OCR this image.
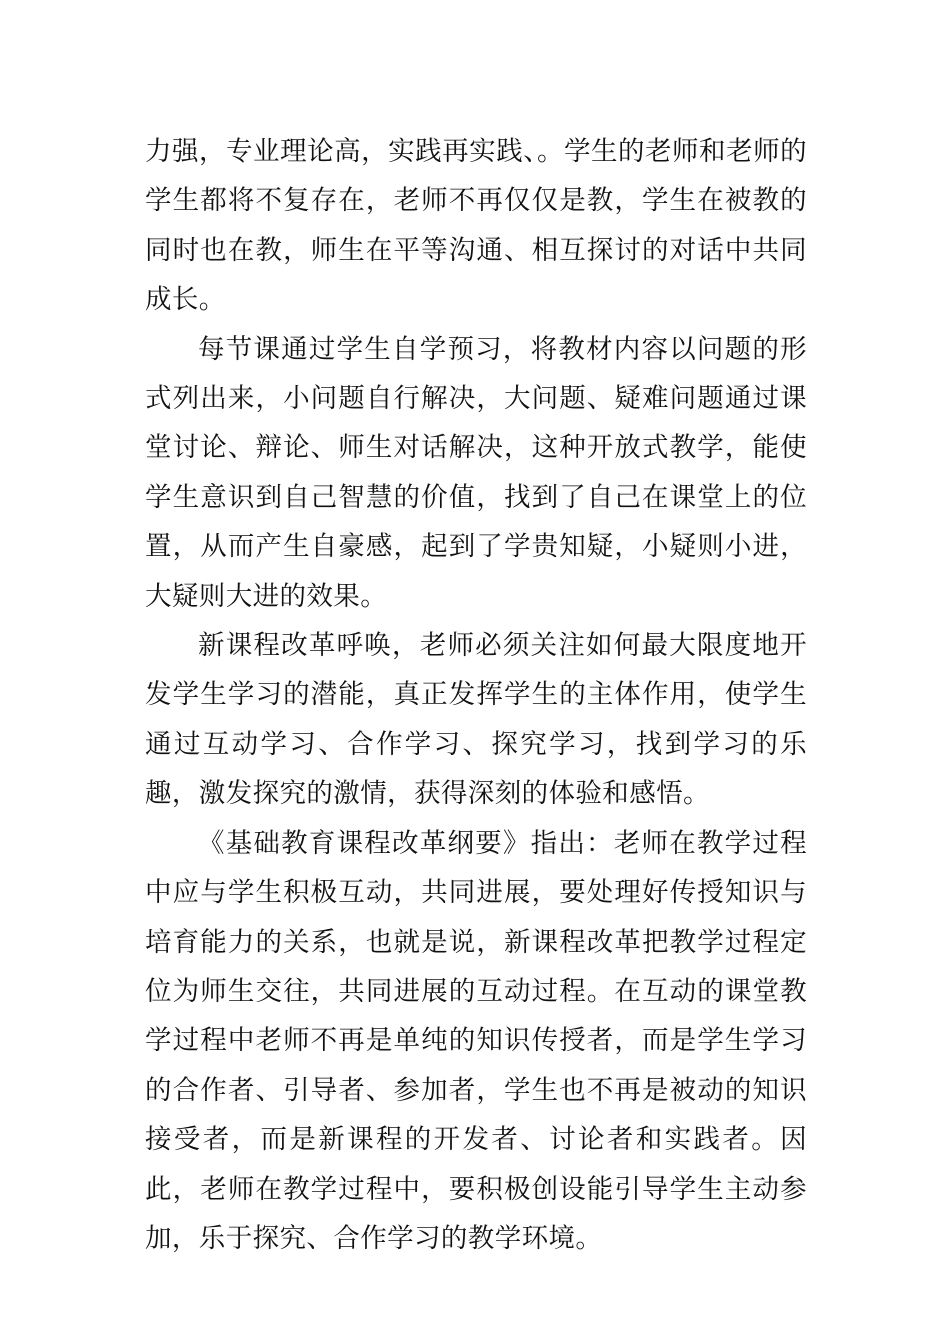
力强，专业理论高，实践再实践、。学生的老师和老师的学生都将不复存在，老师不再仅仅是教，学生在被教的同时也在教，师生在平等沟通、相互探讨的对话中共同成长。

每节课通过学生自学预习，将教材内容以问题的形式列出来，小问题自行解决，大问题、疑难问题通过课堂讨论、辩论、师生对话解决，这种开放式教学，能使学生意识到自己智慧的价值，找到了自己在课堂上的位置，从而产生自豪感，起到了学贵知疑，小疑则小进，大疑则大进的效果。

新课程改革呼唤，老师必须关注如何最大限度地开发学生学习的潜能，真正发挥学生的主体作用，使学生通过互动学习、合作学习、探究学习，找到学习的乐趣，激发探究的激情，获得深刻的体验和感悟。

《基础教育课程改革纲要》指出：老师在教学过程中应与学生积极互动，共同进展，要处理好传授知识与培育能力的关系，也就是说，新课程改革把教学过程定位为师生交往，共同进展的互动过程。在互动的课堂教学过程中老师不再是单纯的知识传授者，而是学生学习的合作者、引导者、参加者，学生也不再是被动的知识接受者，而是新课程的开发者、讨论者和实践者。因此，老师在教学过程中，要积极创设能引导学生主动参加，乐于探究、合作学习的教学环境。
